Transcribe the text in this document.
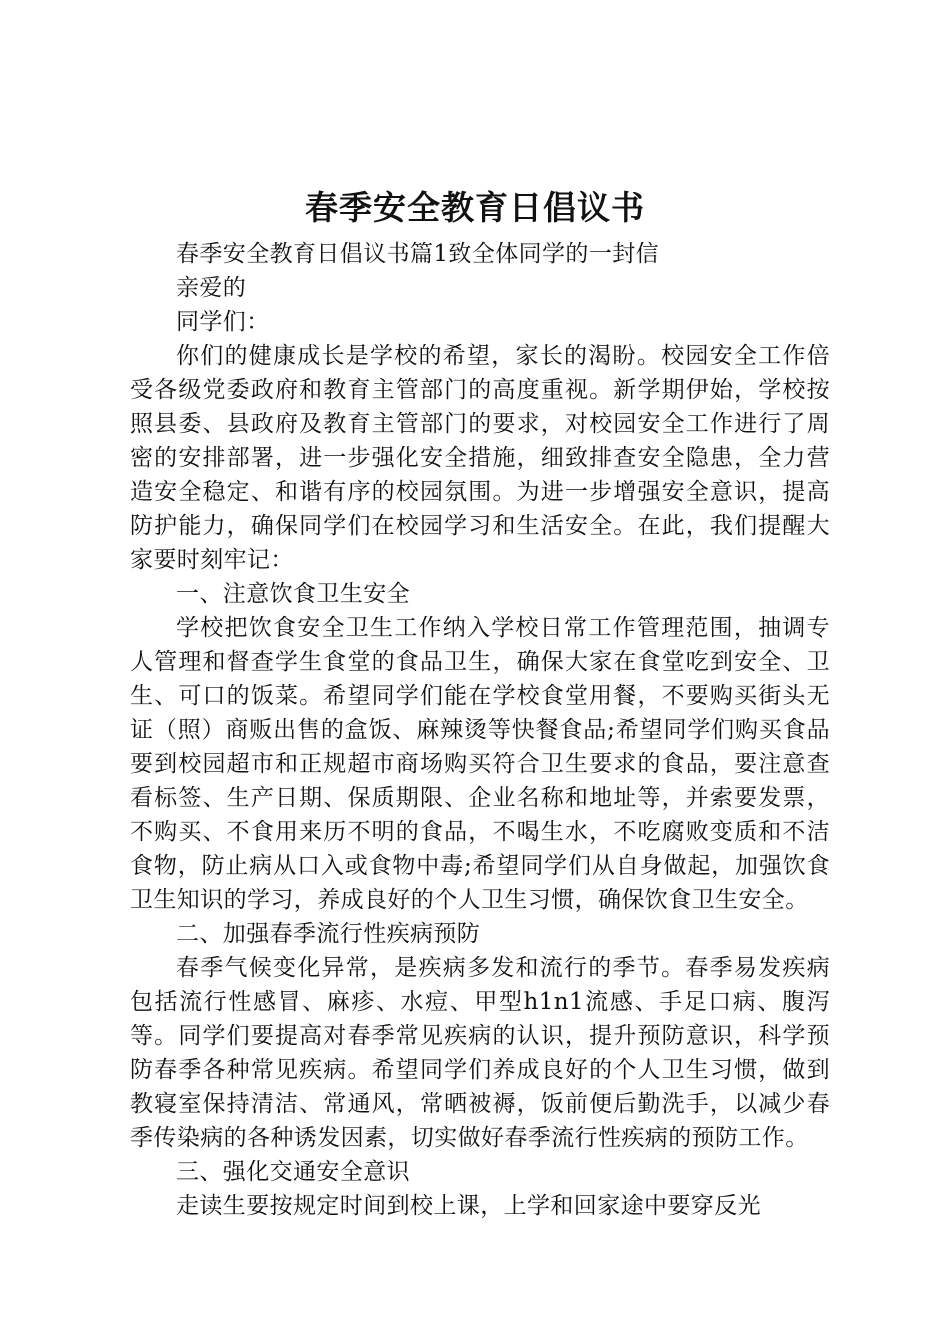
春季安全教育日倡议书

春季安全教育日倡议书篇1致全体同学的一封信

亲爱的

同学们：

你们的健康成长是学校的希望，家长的渴盼。校园安全工作倍受各级党委政府和教育主管部门的高度重视。新学期伊始，学校按照县委、县政府及教育主管部门的要求，对校园安全工作进行了周密的安排部署，进一步强化安全措施，细致排查安全隐患，全力营造安全稳定、和谐有序的校园氛围。为进一步增强安全意识，提高防护能力，确保同学们在校园学习和生活安全。在此，我们提醒大家要时刻牢记：

一、注意饮食卫生安全

学校把饮食安全卫生工作纳入学校日常工作管理范围，抽调专人管理和督查学生食堂的食品卫生，确保大家在食堂吃到安全、卫生、可口的饭菜。希望同学们能在学校食堂用餐，不要购买街头无证（照）商贩出售的盒饭、麻辣烫等快餐食品;希望同学们购买食品要到校园超市和正规超市商场购买符合卫生要求的食品，要注意查看标签、生产日期、保质期限、企业名称和地址等，并索要发票，不购买、不食用来历不明的食品，不喝生水，不吃腐败变质和不洁食物，防止病从口入或食物中毒;希望同学们从自身做起，加强饮食卫生知识的学习，养成良好的个人卫生习惯，确保饮食卫生安全。

二、加强春季流行性疾病预防

春季气候变化异常，是疾病多发和流行的季节。春季易发疾病包括流行性感冒、麻疹、水痘、甲型h1n1流感、手足口病、腹泻等。同学们要提高对春季常见疾病的认识，提升预防意识，科学预防春季各种常见疾病。希望同学们养成良好的个人卫生习惯，做到教寝室保持清洁、常通风，常晒被褥，饭前便后勤洗手，以减少春季传染病的各种诱发因素，切实做好春季流行性疾病的预防工作。

三、强化交通安全意识

走读生要按规定时间到校上课，上学和回家途中要穿反光
